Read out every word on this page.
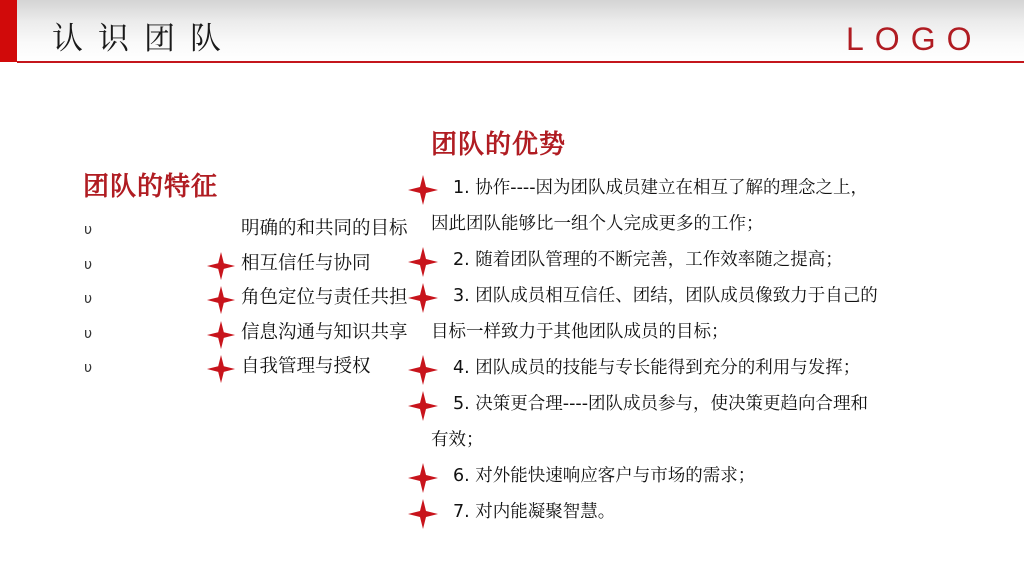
认识团队	LOGO
团队的特征
υ	明确的和共同的目标
υ	相互信任与协同
υ	角色定位与责任共担
υ	信息沟通与知识共享
υ	自我管理与授权
团队的优势
1. 协作----因为团队成员建立在相互了解的理念之上，
因此团队能够比一组个人完成更多的工作；
2. 随着团队管理的不断完善，工作效率随之提高；
3. 团队成员相互信任、团结，团队成员像致力于自己的
目标一样致力于其他团队成员的目标；
4. 团队成员的技能与专长能得到充分的利用与发挥；
5. 决策更合理----团队成员参与，使决策更趋向合理和
有效；
6. 对外能快速响应客户与市场的需求；
7. 对内能凝聚智慧。
